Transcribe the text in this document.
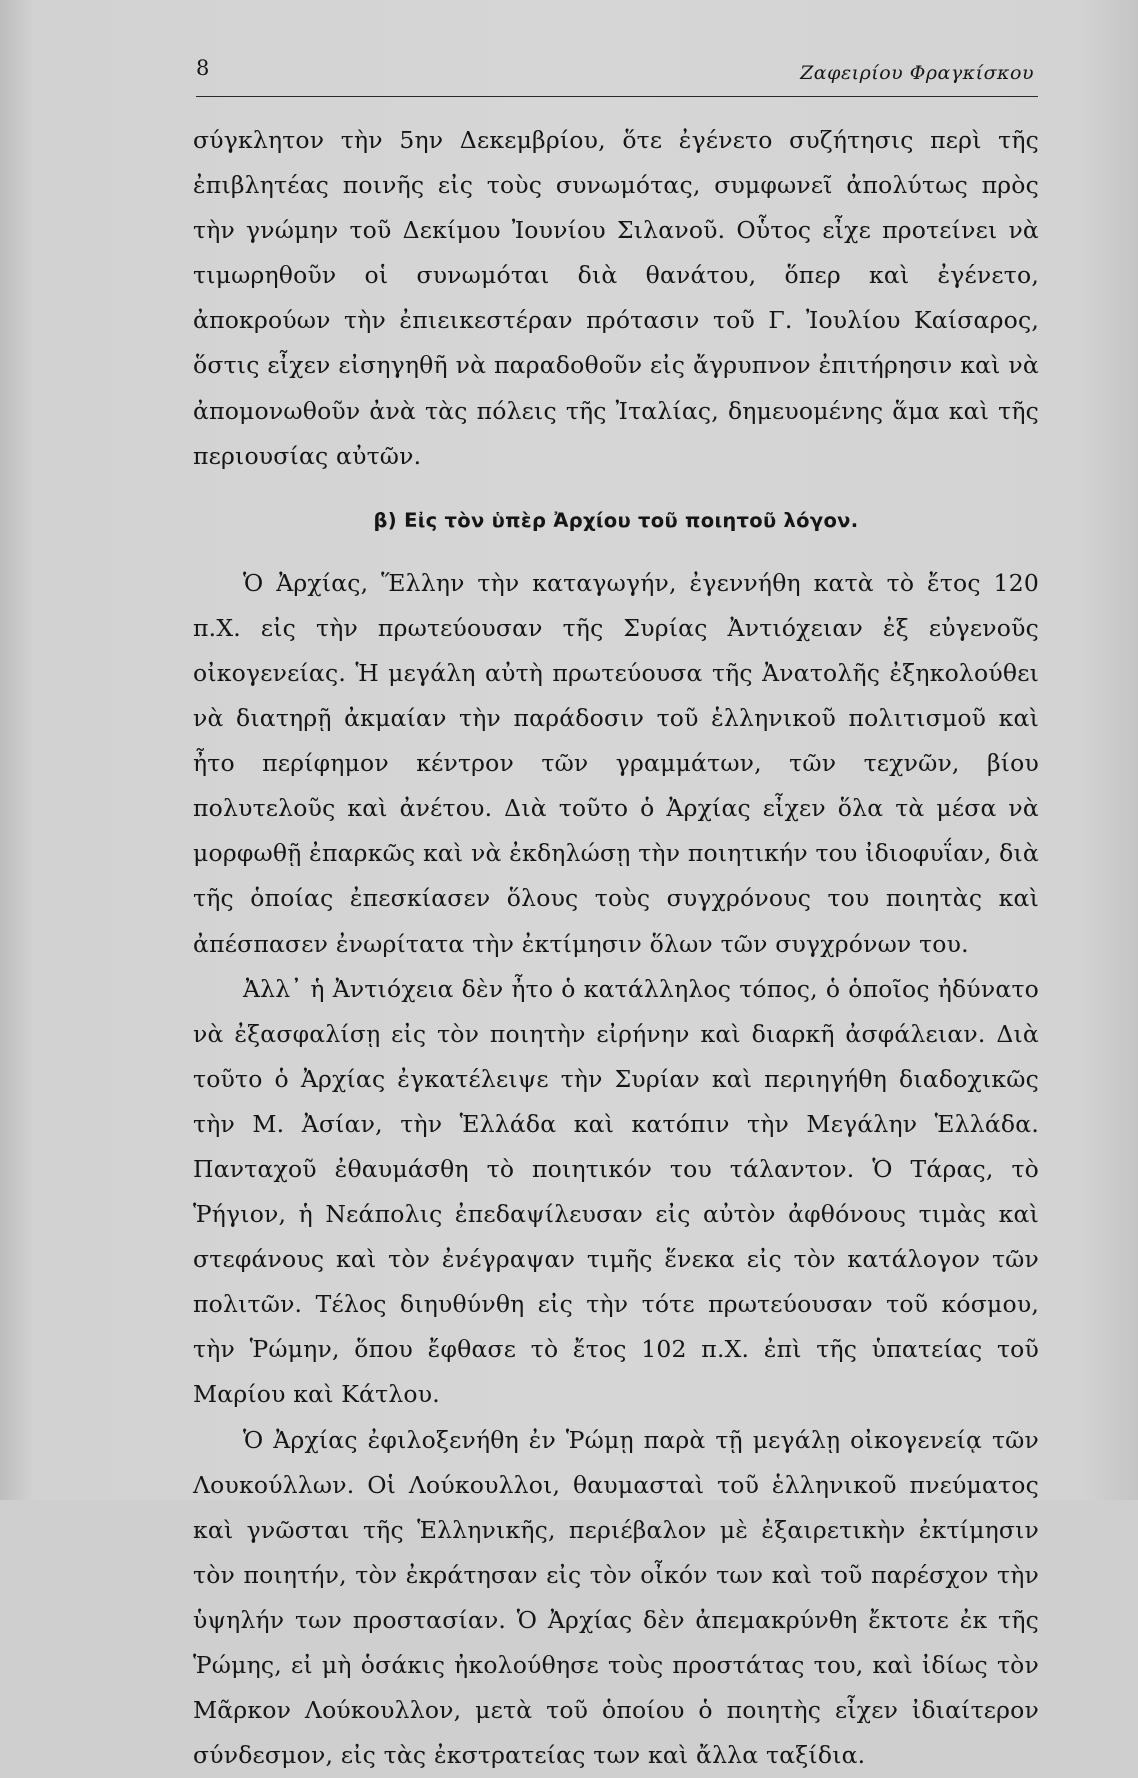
8	Ζαφειρίου Φραγκίσκου

σύγκλητον τὴν 5ην Δεκεμβρίου, ὅτε ἐγένετο συζήτησις περὶ τῆς ἐπιβλητέας ποινῆς εἰς τοὺς συνωμότας, συμφωνεῖ ἀπολύτως πρὸς τὴν γνώμην τοῦ Δεκίμου Ἰουνίου Σιλανοῦ. Οὗτος εἶχε προτείνει νὰ τιμωρηθοῦν οἱ συνωμόται διὰ θανάτου, ὅπερ καὶ ἐγένετο, ἀποκρούων τὴν ἐπιεικεστέραν πρότασιν τοῦ Γ. Ἰουλίου Καίσαρος, ὅστις εἶχεν εἰσηγηθῆ νὰ παραδοθοῦν εἰς ἄγρυπνον ἐπιτήρησιν καὶ νὰ ἀπομονωθοῦν ἀνὰ τὰς πόλεις τῆς Ἰταλίας, δημευομένης ἅμα καὶ τῆς περιουσίας αὐτῶν.

β) Εἰς τὸν ὑπὲρ Ἀρχίου τοῦ ποιητοῦ λόγον.

Ὁ Ἀρχίας, Ἕλλην τὴν καταγωγήν, ἐγεννήθη κατὰ τὸ ἔτος 120 π.Χ. εἰς τὴν πρωτεύουσαν τῆς Συρίας Ἀντιόχειαν ἐξ εὐγενοῦς οἰκογενείας. Ἡ μεγάλη αὐτὴ πρωτεύουσα τῆς Ἀνατολῆς ἐξηκολούθει νὰ διατηρῇ ἀκμαίαν τὴν παράδοσιν τοῦ ἑλληνικοῦ πολιτισμοῦ καὶ ἦτο περίφημον κέντρον τῶν γραμμάτων, τῶν τεχνῶν, βίου πολυτελοῦς καὶ ἀνέτου. Διὰ τοῦτο ὁ Ἀρχίας εἶχεν ὅλα τὰ μέσα νὰ μορφωθῇ ἐπαρκῶς καὶ νὰ ἐκδηλώσῃ τὴν ποιητικήν του ἰδιοφυΐαν, διὰ τῆς ὁποίας ἐπεσκίασεν ὅλους τοὺς συγχρόνους του ποιητὰς καὶ ἀπέσπασεν ἐνωρίτατα τὴν ἐκτίμησιν ὅλων τῶν συγχρόνων του.

Ἀλλ᾽ ἡ Ἀντιόχεια δὲν ἦτο ὁ κατάλληλος τόπος, ὁ ὁποῖος ἠδύνατο νὰ ἐξασφαλίσῃ εἰς τὸν ποιητὴν εἰρήνην καὶ διαρκῆ ἀσφάλειαν. Διὰ τοῦτο ὁ Ἀρχίας ἐγκατέλειψε τὴν Συρίαν καὶ περιηγήθη διαδοχικῶς τὴν Μ. Ἀσίαν, τὴν Ἑλλάδα καὶ κατόπιν τὴν Μεγάλην Ἑλλάδα. Πανταχοῦ ἐθαυμάσθη τὸ ποιητικόν του τάλαντον. Ὁ Τάρας, τὸ Ῥήγιον, ἡ Νεάπολις ἐπεδαψίλευσαν εἰς αὐτὸν ἀφθόνους τιμὰς καὶ στεφάνους καὶ τὸν ἐνέγραψαν τιμῆς ἕνεκα εἰς τὸν κατάλογον τῶν πολιτῶν. Τέλος διηυθύνθη εἰς τὴν τότε πρωτεύουσαν τοῦ κόσμου, τὴν Ῥώμην, ὅπου ἔφθασε τὸ ἔτος 102 π.Χ. ἐπὶ τῆς ὑπατείας τοῦ Μαρίου καὶ Κάτλου.

Ὁ Ἀρχίας ἐφιλοξενήθη ἐν Ῥώμῃ παρὰ τῇ μεγάλῃ οἰκογενείᾳ τῶν Λουκούλλων. Οἱ Λούκουλλοι, θαυμασταὶ τοῦ ἑλληνικοῦ πνεύματος καὶ γνῶσται τῆς Ἑλληνικῆς, περιέβαλον μὲ ἐξαιρετικὴν ἐκτίμησιν τὸν ποιητήν, τὸν ἐκράτησαν εἰς τὸν οἶκόν των καὶ τοῦ παρέσχον τὴν ὑψηλήν των προστασίαν. Ὁ Ἀρχίας δὲν ἀπεμακρύνθη ἔκτοτε ἐκ τῆς Ῥώμης, εἰ μὴ ὁσάκις ἠκολούθησε τοὺς προστάτας του, καὶ ἰδίως τὸν Μᾶρκον Λούκουλλον, μετὰ τοῦ ὁποίου ὁ ποιητὴς εἶχεν ἰδιαίτερον σύνδεσμον, εἰς τὰς ἐκστρατείας των καὶ ἄλλα ταξίδια.
